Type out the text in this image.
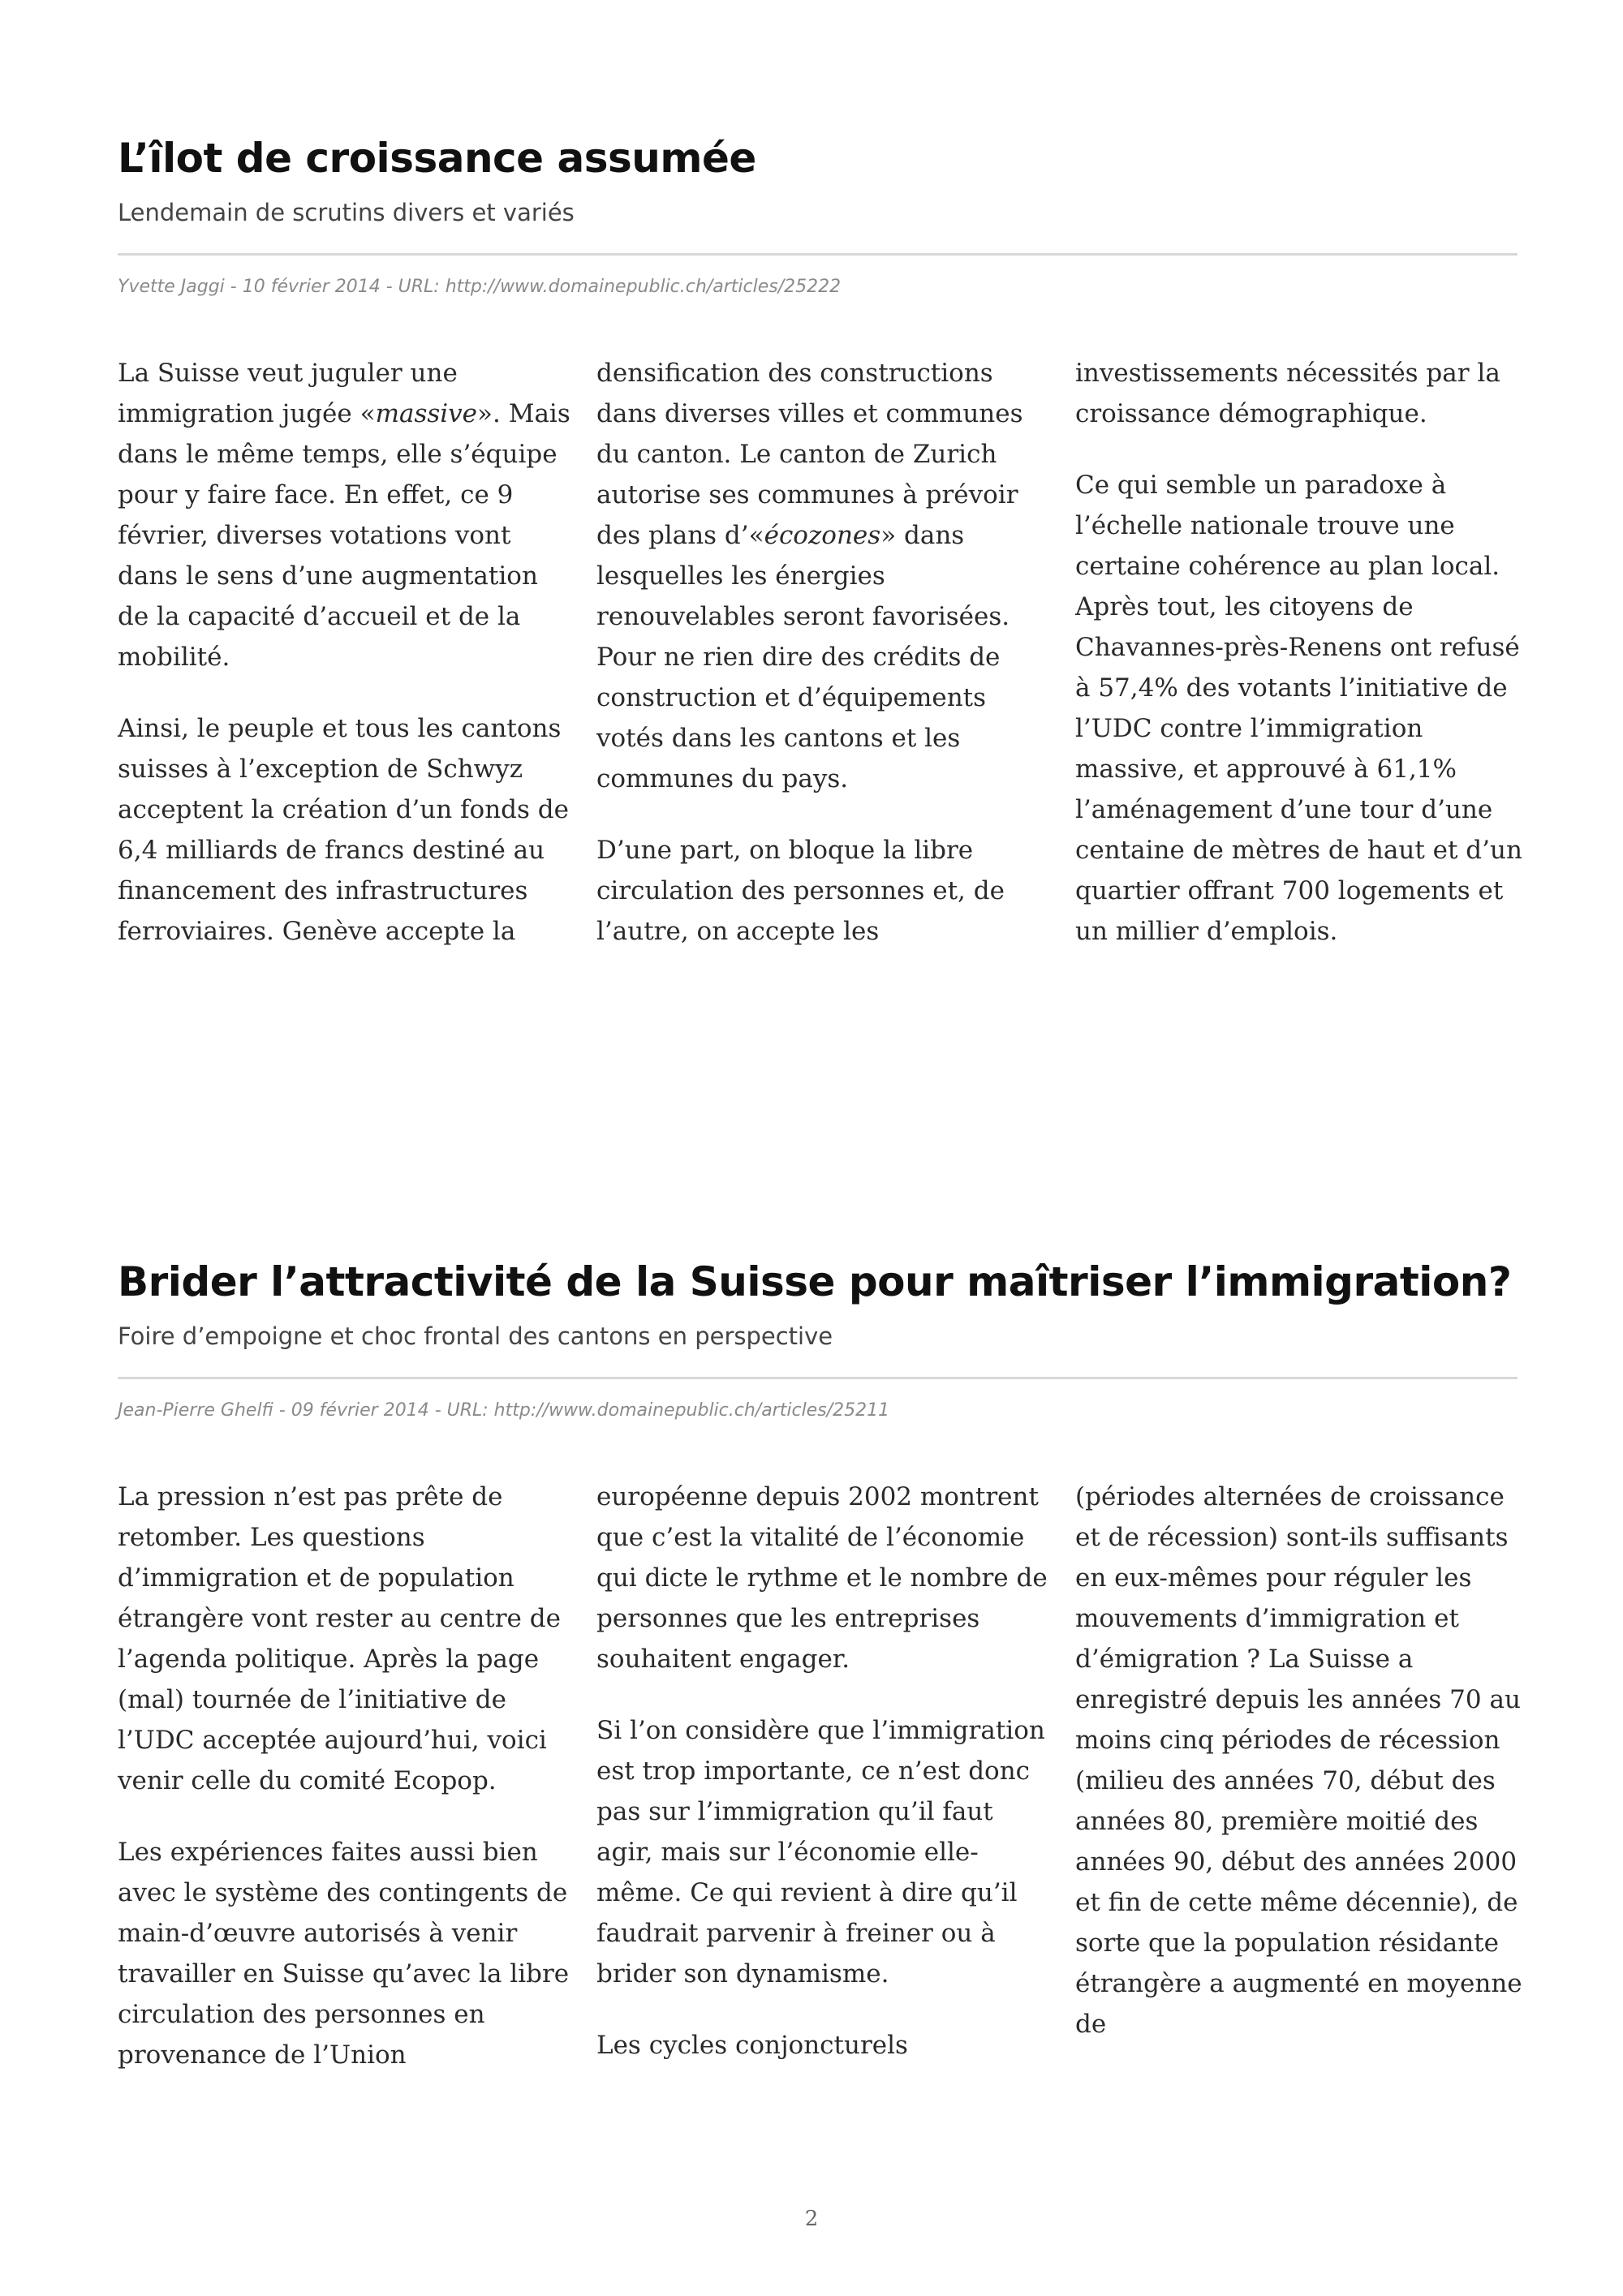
L’îlot de croissance assumée
Lendemain de scrutins divers et variés
Yvette Jaggi - 10 février 2014 - URL: http://www.domainepublic.ch/articles/25222

La Suisse veut juguler une immigration jugée «massive». Mais dans le même temps, elle s’équipe pour y faire face. En effet, ce 9 février, diverses votations vont dans le sens d’une augmentation de la capacité d’accueil et de la mobilité.

Ainsi, le peuple et tous les cantons suisses à l’exception de Schwyz acceptent la création d’un fonds de 6,4 milliards de francs destiné au financement des infrastructures ferroviaires. Genève accepte la

densification des constructions dans diverses villes et communes du canton. Le canton de Zurich autorise ses communes à prévoir des plans d’«écozones» dans lesquelles les énergies renouvelables seront favorisées. Pour ne rien dire des crédits de construction et d’équipements votés dans les cantons et les communes du pays.

D’une part, on bloque la libre circulation des personnes et, de l’autre, on accepte les

investissements nécessités par la croissance démographique.

Ce qui semble un paradoxe à l’échelle nationale trouve une certaine cohérence au plan local. Après tout, les citoyens de Chavannes-près-Renens ont refusé à 57,4% des votants l’initiative de l’UDC contre l’immigration massive, et approuvé à 61,1% l’aménagement d’une tour d’une centaine de mètres de haut et d’un quartier offrant 700 logements et un millier d’emplois.

Brider l’attractivité de la Suisse pour maîtriser l’immigration?
Foire d’empoigne et choc frontal des cantons en perspective
Jean-Pierre Ghelfi - 09 février 2014 - URL: http://www.domainepublic.ch/articles/25211

La pression n’est pas prête de retomber. Les questions d’immigration et de population étrangère vont rester au centre de l’agenda politique. Après la page (mal) tournée de l’initiative de l’UDC acceptée aujourd’hui, voici venir celle du comité Ecopop.

Les expériences faites aussi bien avec le système des contingents de main-d’œuvre autorisés à venir travailler en Suisse qu’avec la libre circulation des personnes en provenance de l’Union

européenne depuis 2002 montrent que c’est la vitalité de l’économie qui dicte le rythme et le nombre de personnes que les entreprises souhaitent engager.

Si l’on considère que l’immigration est trop importante, ce n’est donc pas sur l’immigration qu’il faut agir, mais sur l’économie elle-même. Ce qui revient à dire qu’il faudrait parvenir à freiner ou à brider son dynamisme.

Les cycles conjoncturels

(périodes alternées de croissance et de récession) sont-ils suffisants en eux-mêmes pour réguler les mouvements d’immigration et d’émigration ? La Suisse a enregistré depuis les années 70 au moins cinq périodes de récession (milieu des années 70, début des années 80, première moitié des années 90, début des années 2000 et fin de cette même décennie), de sorte que la population résidante étrangère a augmenté en moyenne de

2
